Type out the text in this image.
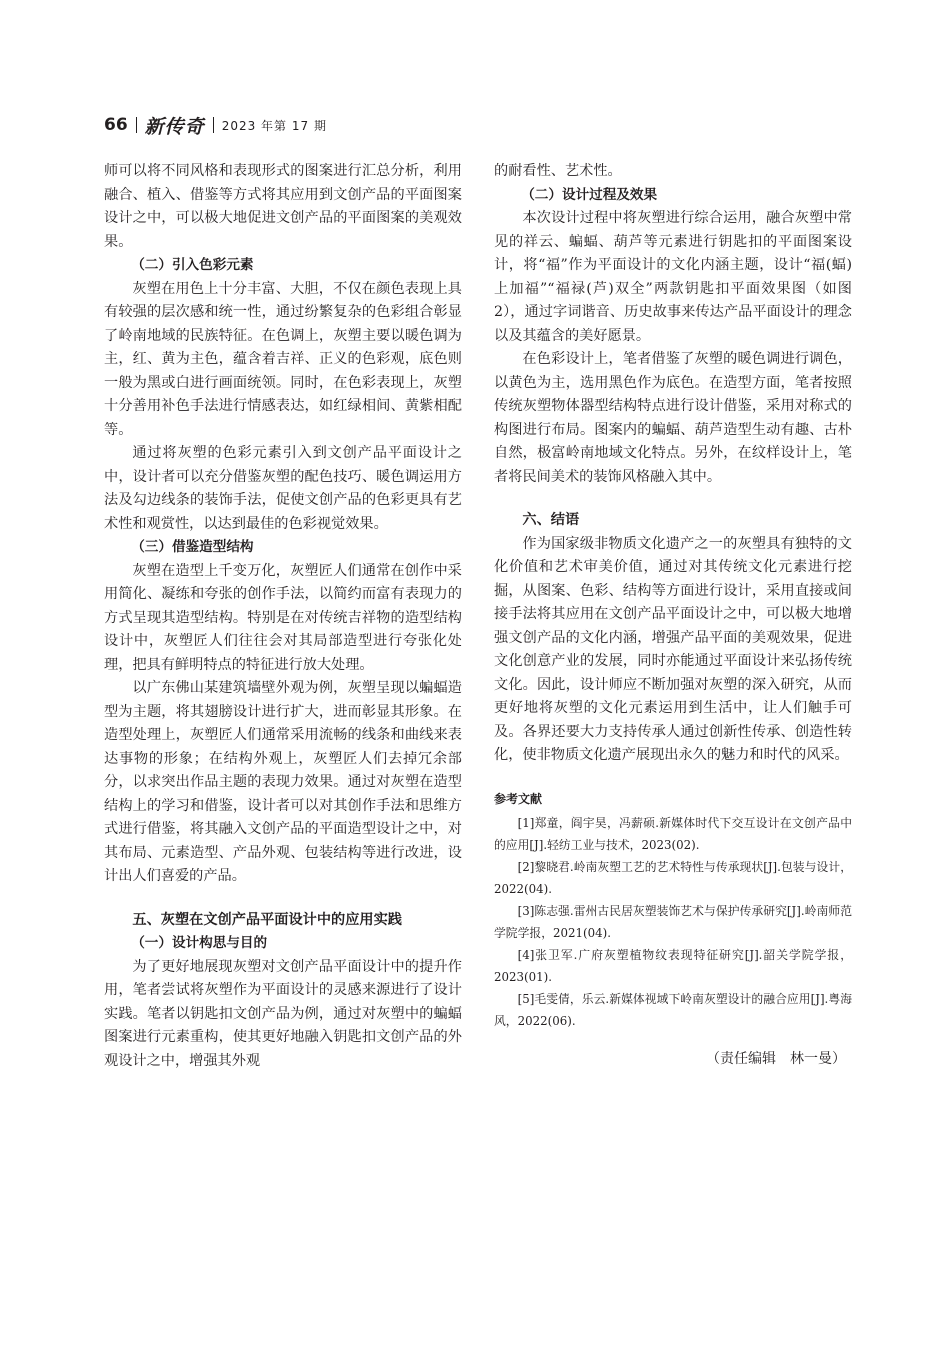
66 新传奇 2023 年第 17 期

师可以将不同风格和表现形式的图案进行汇总分析，利用融合、植入、借鉴等方式将其应用到文创产品的平面图案设计之中，可以极大地促进文创产品的平面图案的美观效果。

（二）引入色彩元素

灰塑在用色上十分丰富、大胆，不仅在颜色表现上具有较强的层次感和统一性，通过纷繁复杂的色彩组合彰显了岭南地域的民族特征。在色调上，灰塑主要以暖色调为主，红、黄为主色，蕴含着吉祥、正义的色彩观，底色则一般为黑或白进行画面统领。同时，在色彩表现上，灰塑十分善用补色手法进行情感表达，如红绿相间、黄紫相配等。

通过将灰塑的色彩元素引入到文创产品平面设计之中，设计者可以充分借鉴灰塑的配色技巧、暖色调运用方法及勾边线条的装饰手法，促使文创产品的色彩更具有艺术性和观赏性，以达到最佳的色彩视觉效果。

（三）借鉴造型结构

灰塑在造型上千变万化，灰塑匠人们通常在创作中采用简化、凝练和夸张的创作手法，以简约而富有表现力的方式呈现其造型结构。特别是在对传统吉祥物的造型结构设计中，灰塑匠人们往往会对其局部造型进行夸张化处理，把具有鲜明特点的特征进行放大处理。

以广东佛山某建筑墙壁外观为例，灰塑呈现以蝙蝠造型为主题，将其翅膀设计进行扩大，进而彰显其形象。在造型处理上，灰塑匠人们通常采用流畅的线条和曲线来表达事物的形象；在结构外观上，灰塑匠人们去掉冗余部分，以求突出作品主题的表现力效果。通过对灰塑在造型结构上的学习和借鉴，设计者可以对其创作手法和思维方式进行借鉴，将其融入文创产品的平面造型设计之中，对其布局、元素造型、产品外观、包装结构等进行改进，设计出人们喜爱的产品。

五、灰塑在文创产品平面设计中的应用实践
（一）设计构思与目的

为了更好地展现灰塑对文创产品平面设计中的提升作用，笔者尝试将灰塑作为平面设计的灵感来源进行了设计实践。笔者以钥匙扣文创产品为例，通过对灰塑中的蝙蝠图案进行元素重构，使其更好地融入钥匙扣文创产品的外观设计之中，增强其外观

的耐看性、艺术性。

（二）设计过程及效果

本次设计过程中将灰塑进行综合运用，融合灰塑中常见的祥云、蝙蝠、葫芦等元素进行钥匙扣的平面图案设计，将“福”作为平面设计的文化内涵主题，设计“福(蝠)上加福”“福禄(芦)双全”两款钥匙扣平面效果图（如图 2），通过字词谐音、历史故事来传达产品平面设计的理念以及其蕴含的美好愿景。

在色彩设计上，笔者借鉴了灰塑的暖色调进行调色，以黄色为主，选用黑色作为底色。在造型方面，笔者按照传统灰塑物体器型结构特点进行设计借鉴，采用对称式的构图进行布局。图案内的蝙蝠、葫芦造型生动有趣、古朴自然，极富岭南地域文化特点。另外，在纹样设计上，笔者将民间美术的装饰风格融入其中。

六、结语

作为国家级非物质文化遗产之一的灰塑具有独特的文化价值和艺术审美价值，通过对其传统文化元素进行挖掘，从图案、色彩、结构等方面进行设计，采用直接或间接手法将其应用在文创产品平面设计之中，可以极大地增强文创产品的文化内涵，增强产品平面的美观效果，促进文化创意产业的发展，同时亦能通过平面设计来弘扬传统文化。因此，设计师应不断加强对灰塑的深入研究，从而更好地将灰塑的文化元素运用到生活中，让人们触手可及。各界还要大力支持传承人通过创新性传承、创造性转化，使非物质文化遗产展现出永久的魅力和时代的风采。

参考文献

[1]郑童，阎宇昊，冯薪硕.新媒体时代下交互设计在文创产品中的应用[J].轻纺工业与技术，2023(02).

[2]黎晓君.岭南灰塑工艺的艺术特性与传承现状[J].包装与设计，2022(04).

[3]陈志强.雷州古民居灰塑装饰艺术与保护传承研究[J].岭南师范学院学报，2021(04).

[4]张卫军.广府灰塑植物纹表现特征研究[J].韶关学院学报，2023(01).

[5]毛雯倩，乐云.新媒体视域下岭南灰塑设计的融合应用[J].粤海风，2022(06).

（责任编辑　林一曼）
